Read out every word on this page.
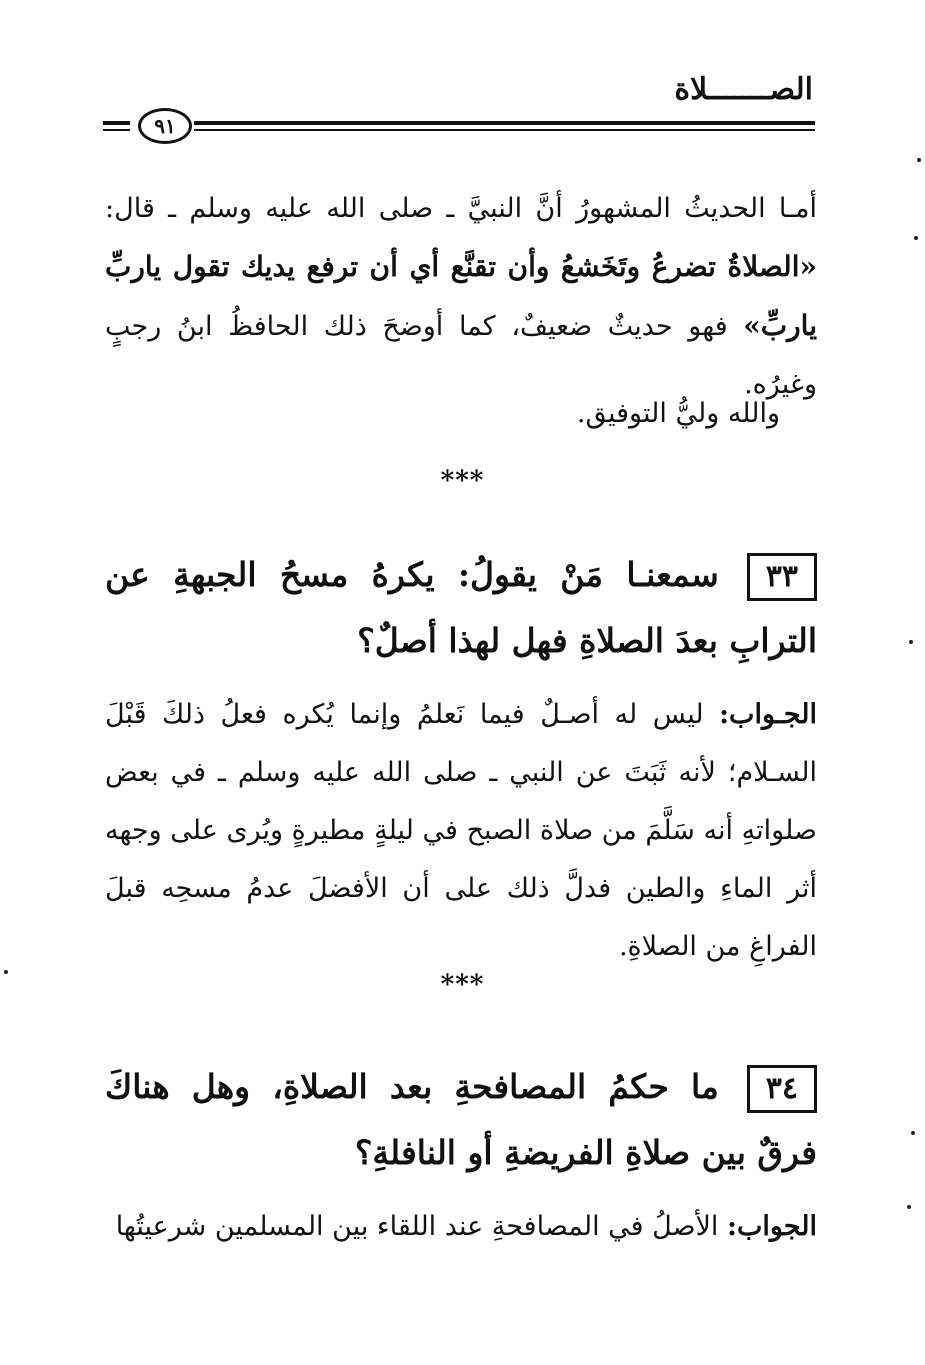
الصـــــــلاة
٩١
أمـا الحديثُ المشهورُ أنَّ النبيَّ ـ صلى الله عليه وسلم ـ قال: «الصلاةُ تضرعُ وتَخَشعُ وأن تقنَّع أي أن ترفع يديك تقول ياربِّ ياربِّ» فهو حديثٌ ضعيفٌ، كما أوضحَ ذلك الحافظُ ابنُ رجبٍ وغيرُه.
والله وليُّ التوفيق.
***
٣٣سمعنـا مَنْ يقولُ: يكرهُ مسحُ الجبهةِ عن الترابِ بعدَ الصلاةِ فهل لهذا أصلٌ؟
الجـواب: ليس له أصـلٌ فيما نَعلمُ وإنما يُكره فعلُ ذلكَ قَبْلَ السـلام؛ لأنه ثَبَتَ عن النبي ـ صلى الله عليه وسلم ـ في بعض صلواتهِ أنه سَلَّمَ من صلاة الصبح في ليلةٍ مطيرةٍ ويُرى على وجهه أثر الماءِ والطين فدلَّ ذلك على أن الأفضلَ عدمُ مسحِه قبلَ الفراغِ من الصلاةِ.
***
٣٤ما حكمُ المصافحةِ بعد الصلاةِ، وهل هناكَ فرقٌ بين صلاةِ الفريضةِ أو النافلةِ؟
الجواب: الأصلُ في المصافحةِ عند اللقاء بين المسلمين شرعيتُها
